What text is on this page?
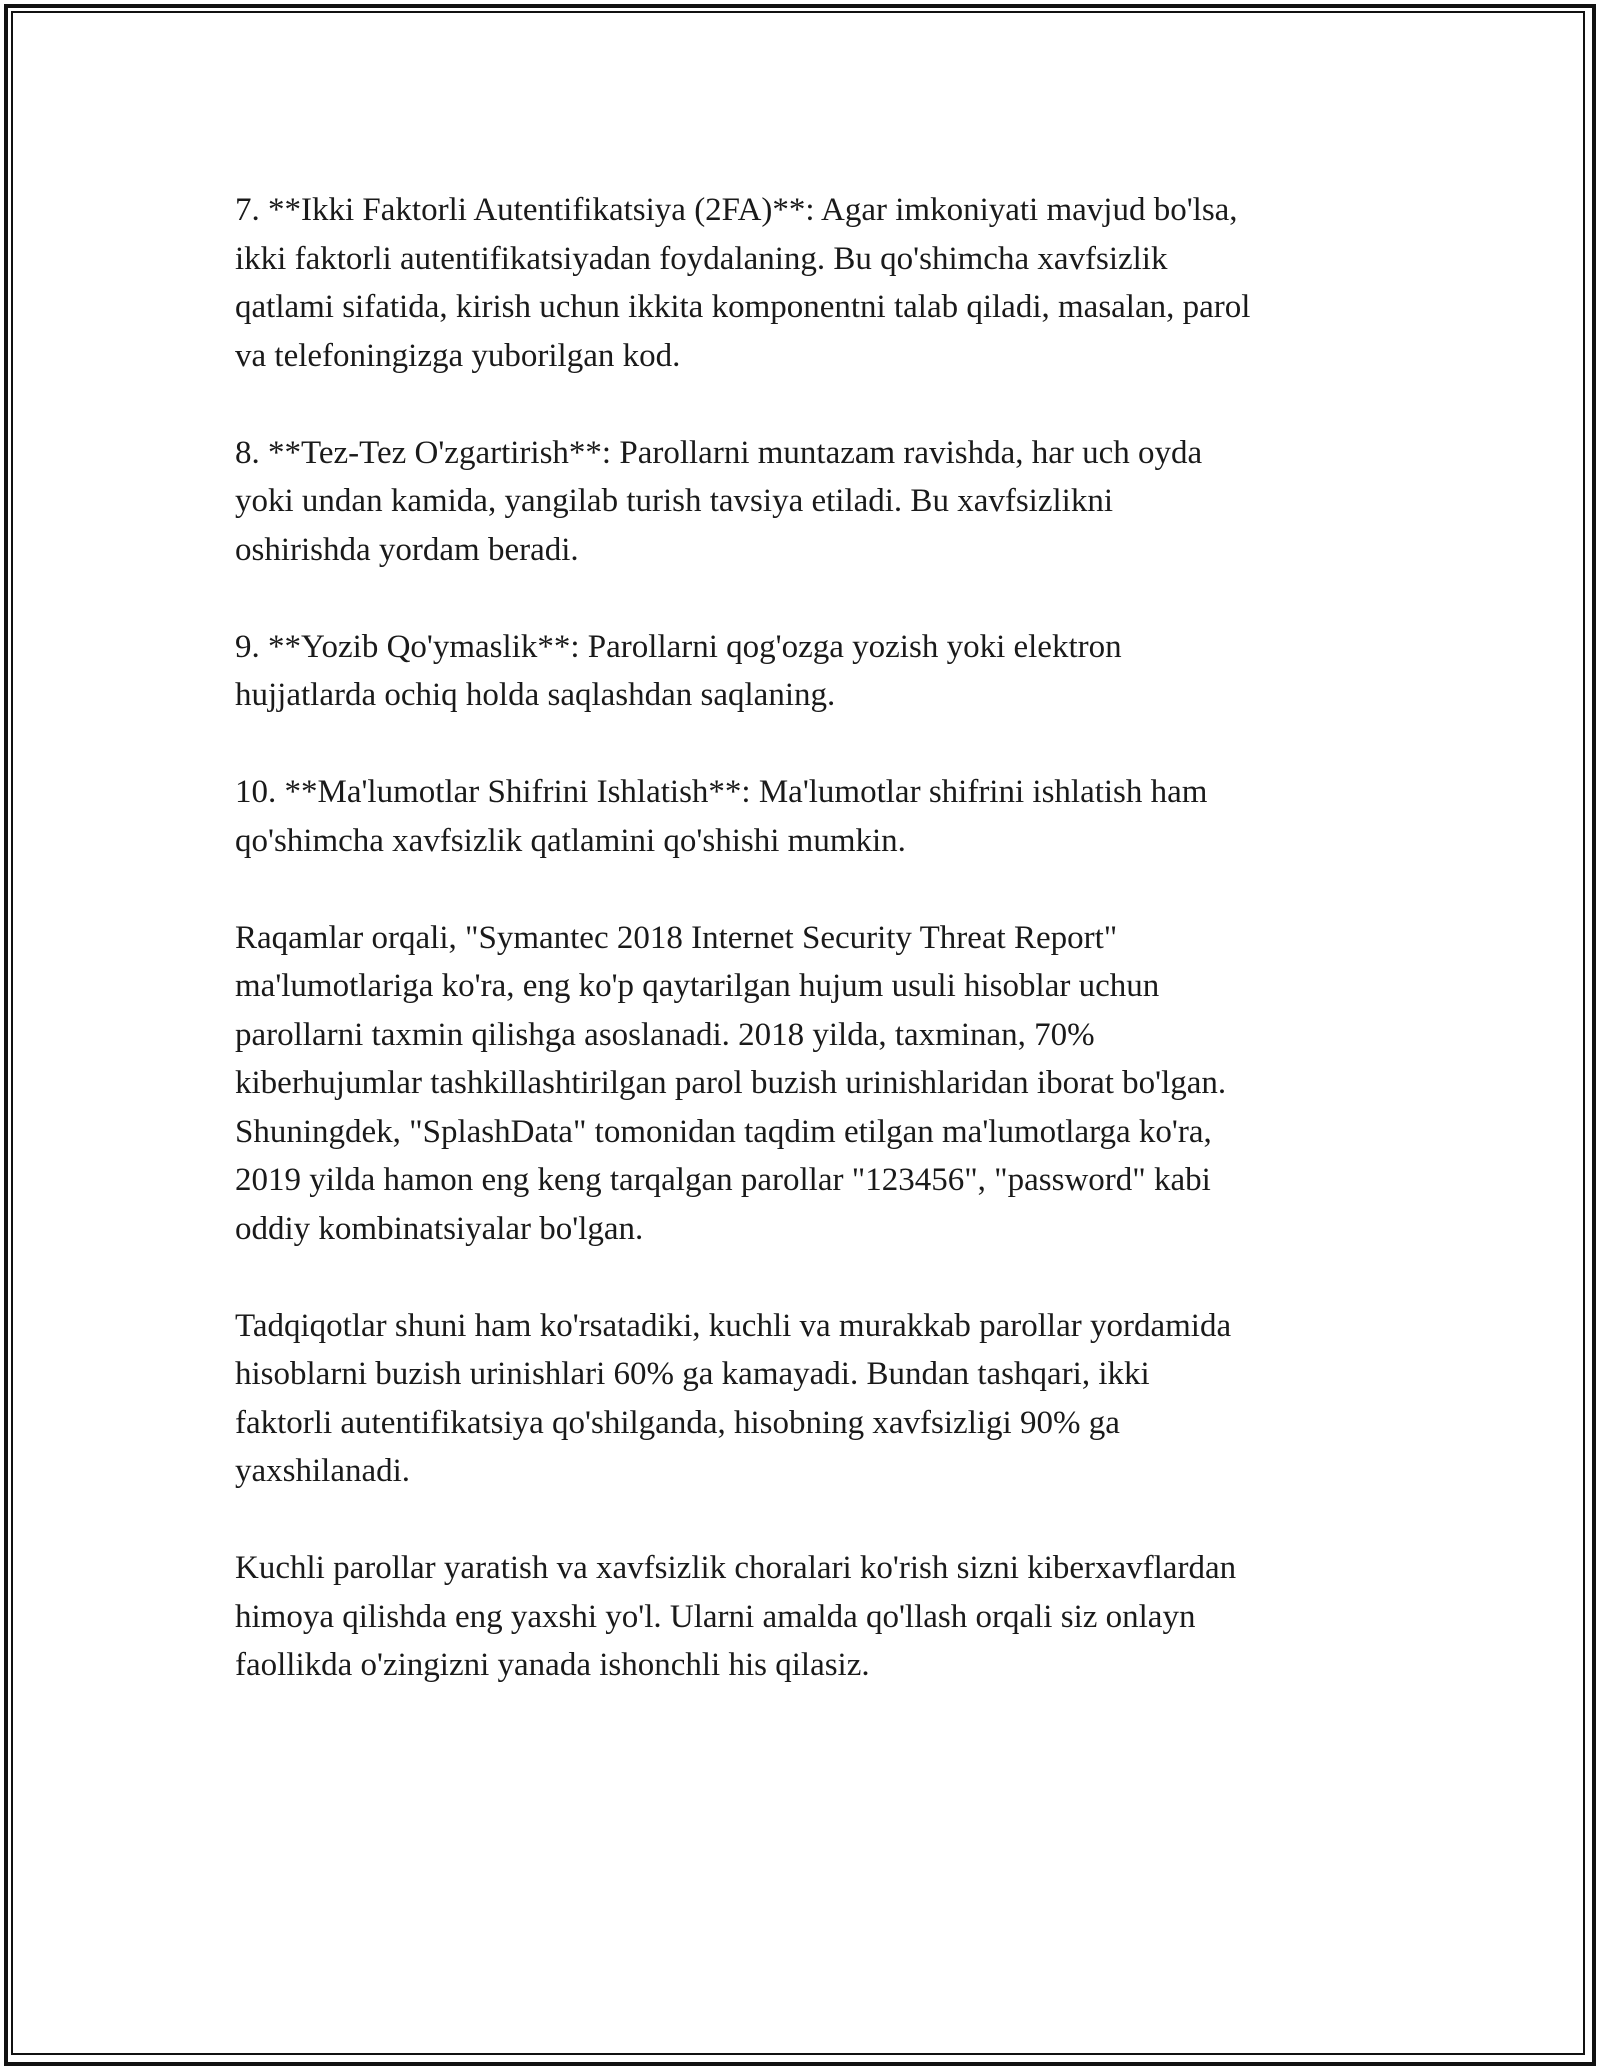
7. **Ikki Faktorli Autentifikatsiya (2FA)**: Agar imkoniyati mavjud bo'lsa,
ikki faktorli autentifikatsiyadan foydalaning. Bu qo'shimcha xavfsizlik
qatlami sifatida, kirish uchun ikkita komponentni talab qiladi, masalan, parol
va telefoningizga yuborilgan kod.

8. **Tez-Tez O'zgartirish**: Parollarni muntazam ravishda, har uch oyda
yoki undan kamida, yangilab turish tavsiya etiladi. Bu xavfsizlikni
oshirishda yordam beradi.

9. **Yozib Qo'ymaslik**: Parollarni qog'ozga yozish yoki elektron
hujjatlarda ochiq holda saqlashdan saqlaning.

10. **Ma'lumotlar Shifrini Ishlatish**: Ma'lumotlar shifrini ishlatish ham
qo'shimcha xavfsizlik qatlamini qo'shishi mumkin.

Raqamlar orqali, "Symantec 2018 Internet Security Threat Report"
ma'lumotlariga ko'ra, eng ko'p qaytarilgan hujum usuli hisoblar uchun
parollarni taxmin qilishga asoslanadi. 2018 yilda, taxminan, 70%
kiberhujumlar tashkillashtirilgan parol buzish urinishlaridan iborat bo'lgan.
Shuningdek, "SplashData" tomonidan taqdim etilgan ma'lumotlarga ko'ra,
2019 yilda hamon eng keng tarqalgan parollar "123456", "password" kabi
oddiy kombinatsiyalar bo'lgan.

Tadqiqotlar shuni ham ko'rsatadiki, kuchli va murakkab parollar yordamida
hisoblarni buzish urinishlari 60% ga kamayadi. Bundan tashqari, ikki
faktorli autentifikatsiya qo'shilganda, hisobning xavfsizligi 90% ga
yaxshilanadi.

Kuchli parollar yaratish va xavfsizlik choralari ko'rish sizni kiberxavflardan
himoya qilishda eng yaxshi yo'l. Ularni amalda qo'llash orqali siz onlayn
faollikda o'zingizni yanada ishonchli his qilasiz.
